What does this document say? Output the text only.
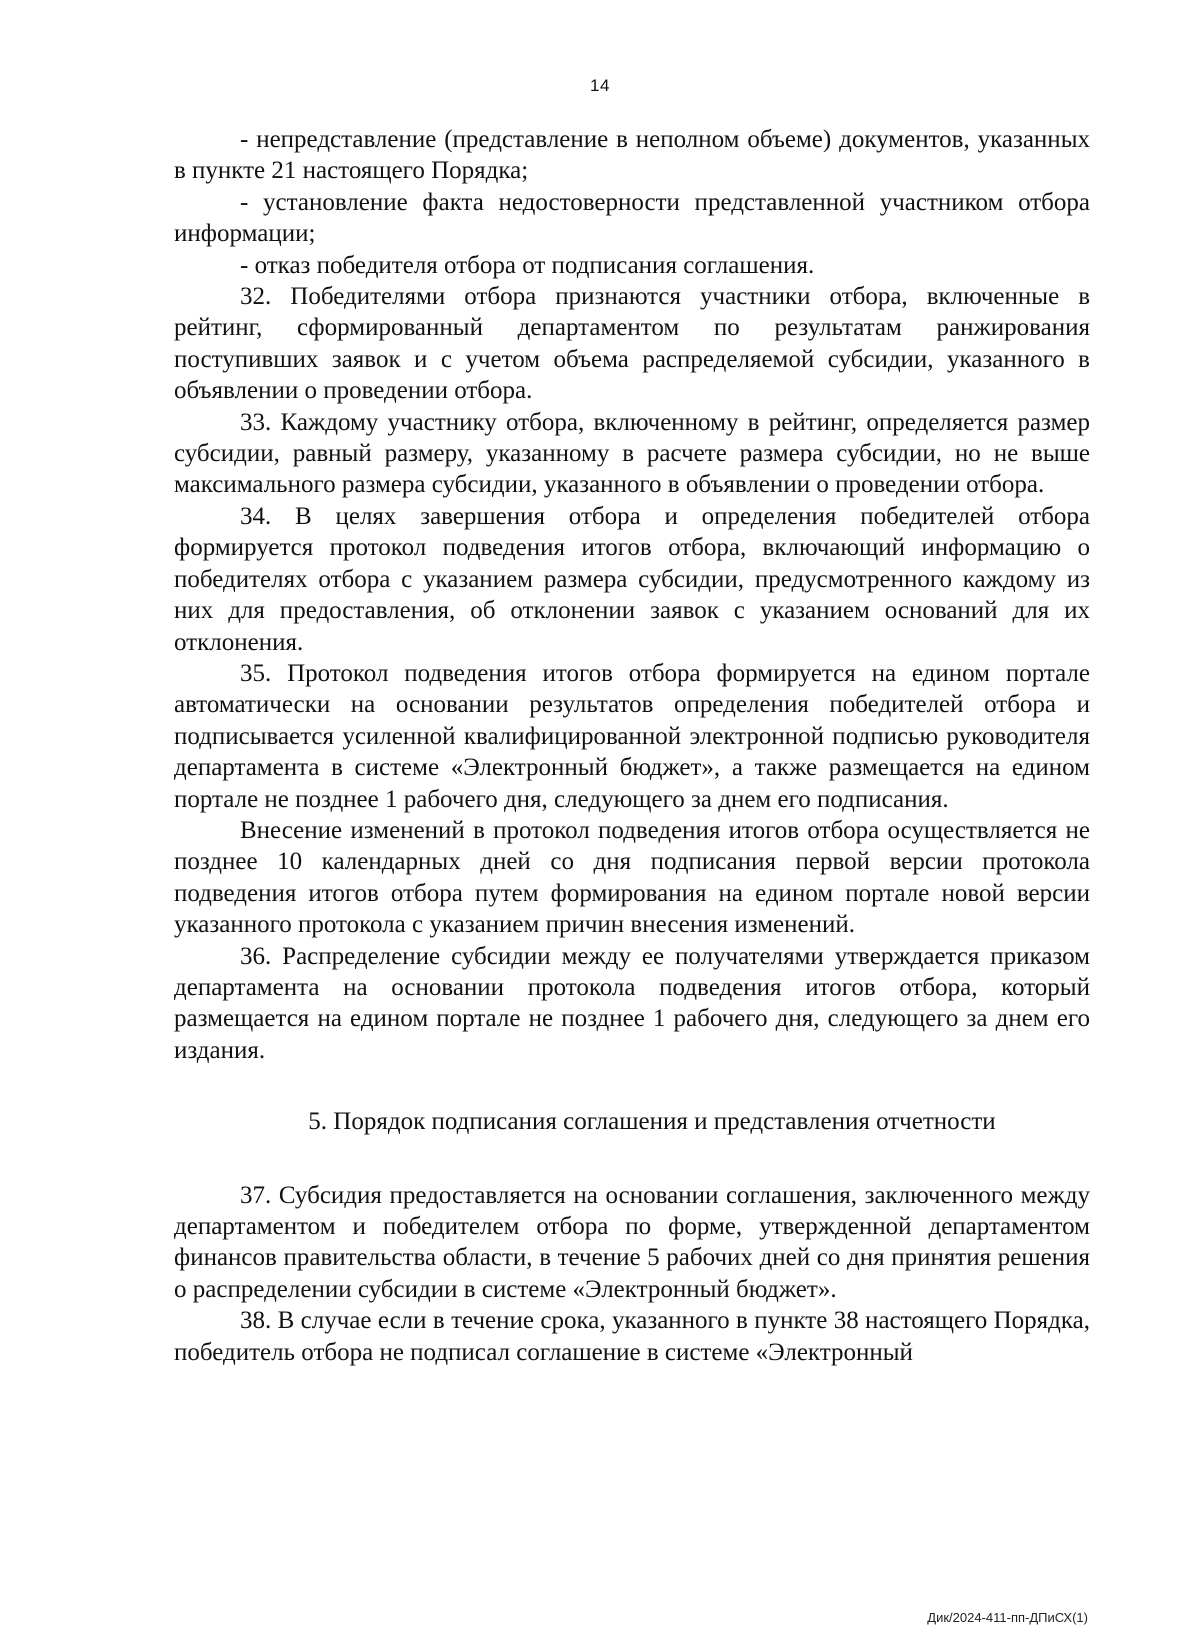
14

- непредставление (представление в неполном объеме) документов, указанных в пункте 21 настоящего Порядка;

- установление факта недостоверности представленной участником отбора информации;

- отказ победителя отбора от подписания соглашения.

32. Победителями отбора признаются участники отбора, включенные в рейтинг, сформированный департаментом по результатам ранжирования поступивших заявок и с учетом объема распределяемой субсидии, указанного в объявлении о проведении отбора.

33. Каждому участнику отбора, включенному в рейтинг, определяется размер субсидии, равный размеру, указанному в расчете размера субсидии, но не выше максимального размера субсидии, указанного в объявлении о проведении отбора.

34. В целях завершения отбора и определения победителей отбора формируется протокол подведения итогов отбора, включающий информацию о победителях отбора с указанием размера субсидии, предусмотренного каждому из них для предоставления, об отклонении заявок с указанием оснований для их отклонения.

35. Протокол подведения итогов отбора формируется на едином портале автоматически на основании результатов определения победителей отбора и подписывается усиленной квалифицированной электронной подписью руководителя департамента в системе «Электронный бюджет», а также размещается на едином портале не позднее 1 рабочего дня, следующего за днем его подписания.

Внесение изменений в протокол подведения итогов отбора осуществляется не позднее 10 календарных дней со дня подписания первой версии протокола подведения итогов отбора путем формирования на едином портале новой версии указанного протокола с указанием причин внесения изменений.

36. Распределение субсидии между ее получателями утверждается приказом департамента на основании протокола подведения итогов отбора, который размещается на едином портале не позднее 1 рабочего дня, следующего за днем его издания.

5. Порядок подписания соглашения и представления отчетности

37. Субсидия предоставляется на основании соглашения, заключенного между департаментом и победителем отбора по форме, утвержденной департаментом финансов правительства области, в течение 5 рабочих дней со дня принятия решения о распределении субсидии в системе «Электронный бюджет».

38. В случае если в течение срока, указанного в пункте 38 настоящего Порядка, победитель отбора не подписал соглашение в системе «Электронный

Дик/2024-411-пп-ДПиСХ(1)
